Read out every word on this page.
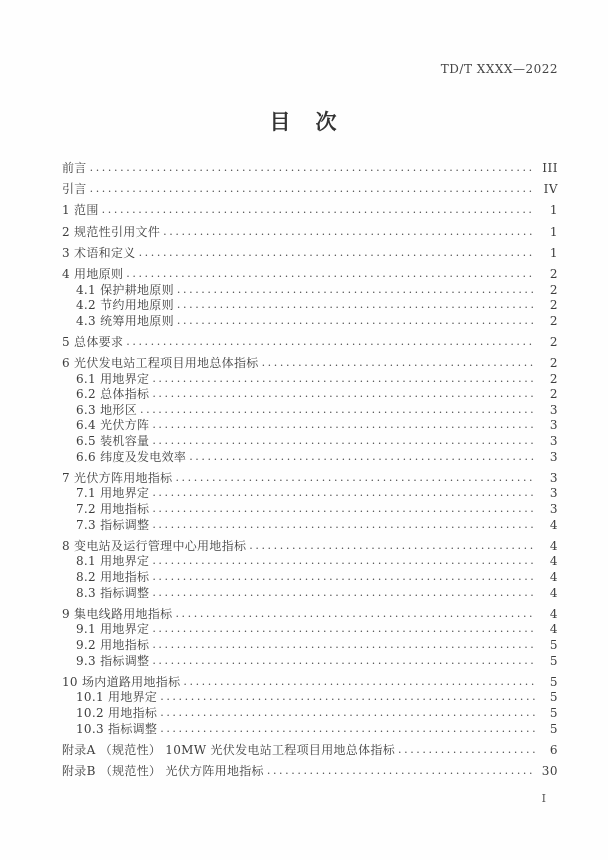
TD/T XXXX—2022
目　次
前言 .....	III
引言 .....	IV
1 范围 .....	1
2 规范性引用文件 .....	1
3 术语和定义 .....	1
4 用地原则 .....	2
4.1 保护耕地原则 .....	2
4.2 节约用地原则 .....	2
4.3 统筹用地原则 .....	2
5 总体要求 .....	2
6 光伏发电站工程项目用地总体指标 .....	2
6.1 用地界定 .....	2
6.2 总体指标 .....	2
6.3 地形区 .....	3
6.4 光伏方阵 .....	3
6.5 装机容量 .....	3
6.6 纬度及发电效率 .....	3
7 光伏方阵用地指标 .....	3
7.1 用地界定 .....	3
7.2 用地指标 .....	3
7.3 指标调整 .....	4
8 变电站及运行管理中心用地指标 .....	4
8.1 用地界定 .....	4
8.2 用地指标 .....	4
8.3 指标调整 .....	4
9 集电线路用地指标 .....	4
9.1 用地界定 .....	4
9.2 用地指标 .....	5
9.3 指标调整 .....	5
10 场内道路用地指标 .....	5
10.1 用地界定 .....	5
10.2 用地指标 .....	5
10.3 指标调整 .....	5
附录A （规范性） 10MW 光伏发电站工程项目用地总体指标 .....	6
附录B （规范性） 光伏方阵用地指标 .....	30
I
